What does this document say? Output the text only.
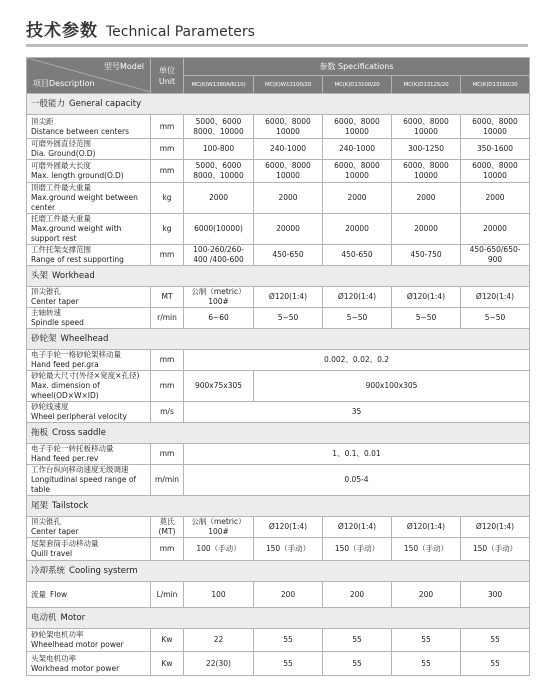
技术参数 Technical Parameters
型号Model
项目Description	单位
Unit	参数 Specifications				
		MC(K)W1380A/6(10)	MC(K)W13100/20	MC(K)D13100/20	MC(K)D13125/20	MC(K)D13160/20
一般能力 General capacity						
顶尖距
Distance between centers	mm	5000、6000 8000、10000	6000、8000 10000	6000、8000 10000	6000、8000 10000	6000、8000 10000
可磨外圆直径范围
Dia. Ground(O.D)	mm	100-800	240-1000	240-1000	300-1250	350-1600
可磨外圆最大长度
Max. length ground(O.D)	mm	5000、6000 8000、10000	6000、8000 10000	6000、8000 10000	6000、8000 10000	6000、8000 10000
顶磨工件最大重量
Max.ground weight between center	kg	2000	2000	2000	2000	2000
托磨工件最大重量
Max.ground weight with support rest	kg	6000(10000)	20000	20000	20000	20000
工件托架支撑范围
Range of rest supporting	mm	100-260/260-400 /400-600	450-650	450-650	450-750	450-650/650-900
头架 Workhead						
顶尖锥孔
Center taper	MT	公制（metric）100#	Ø120(1:4)	Ø120(1:4)	Ø120(1:4)	Ø120(1:4)
主轴转速
Spindle speed	r/min	6~60	5~50	5~50	5~50	5~50
砂轮架 Wheelhead						
电子手轮一格砂轮架移动量
Hand feed per.gra	mm	0.002、0.02、0.2				
砂轮最大尺寸(外径×宽度×孔径)
Max. dimension of wheel(OD×W×ID)	mm	900x75x305	900x100x305			
砂轮线速度
Wheel peripheral velocity	m/s	35				
拖板 Cross saddle						
电子手轮一转托板移动量
Hand feed per.rev	mm	1、0.1、0.01				
工作台纵向移动速度无级调速
Longitudinal speed range of table	m/min	0.05-4				
尾架 Tailstock						
顶尖锥孔
Center taper	莫氏(MT)	公制（metric）100#	Ø120(1:4)	Ø120(1:4)	Ø120(1:4)	Ø120(1:4)
尾架套筒手动移动量
Quill travel	mm	100（手动）	150（手动）	150（手动）	150（手动）	150（手动）
冷却系统 Cooling systerm						
流量 Flow	L/min	100	200	200	200	300
电动机 Motor						
砂轮架电机功率
Wheelhead motor power	Kw	22	55	55	55	55
头架电机功率
Workhead motor power	Kw	22(30)	55	55	55	55
